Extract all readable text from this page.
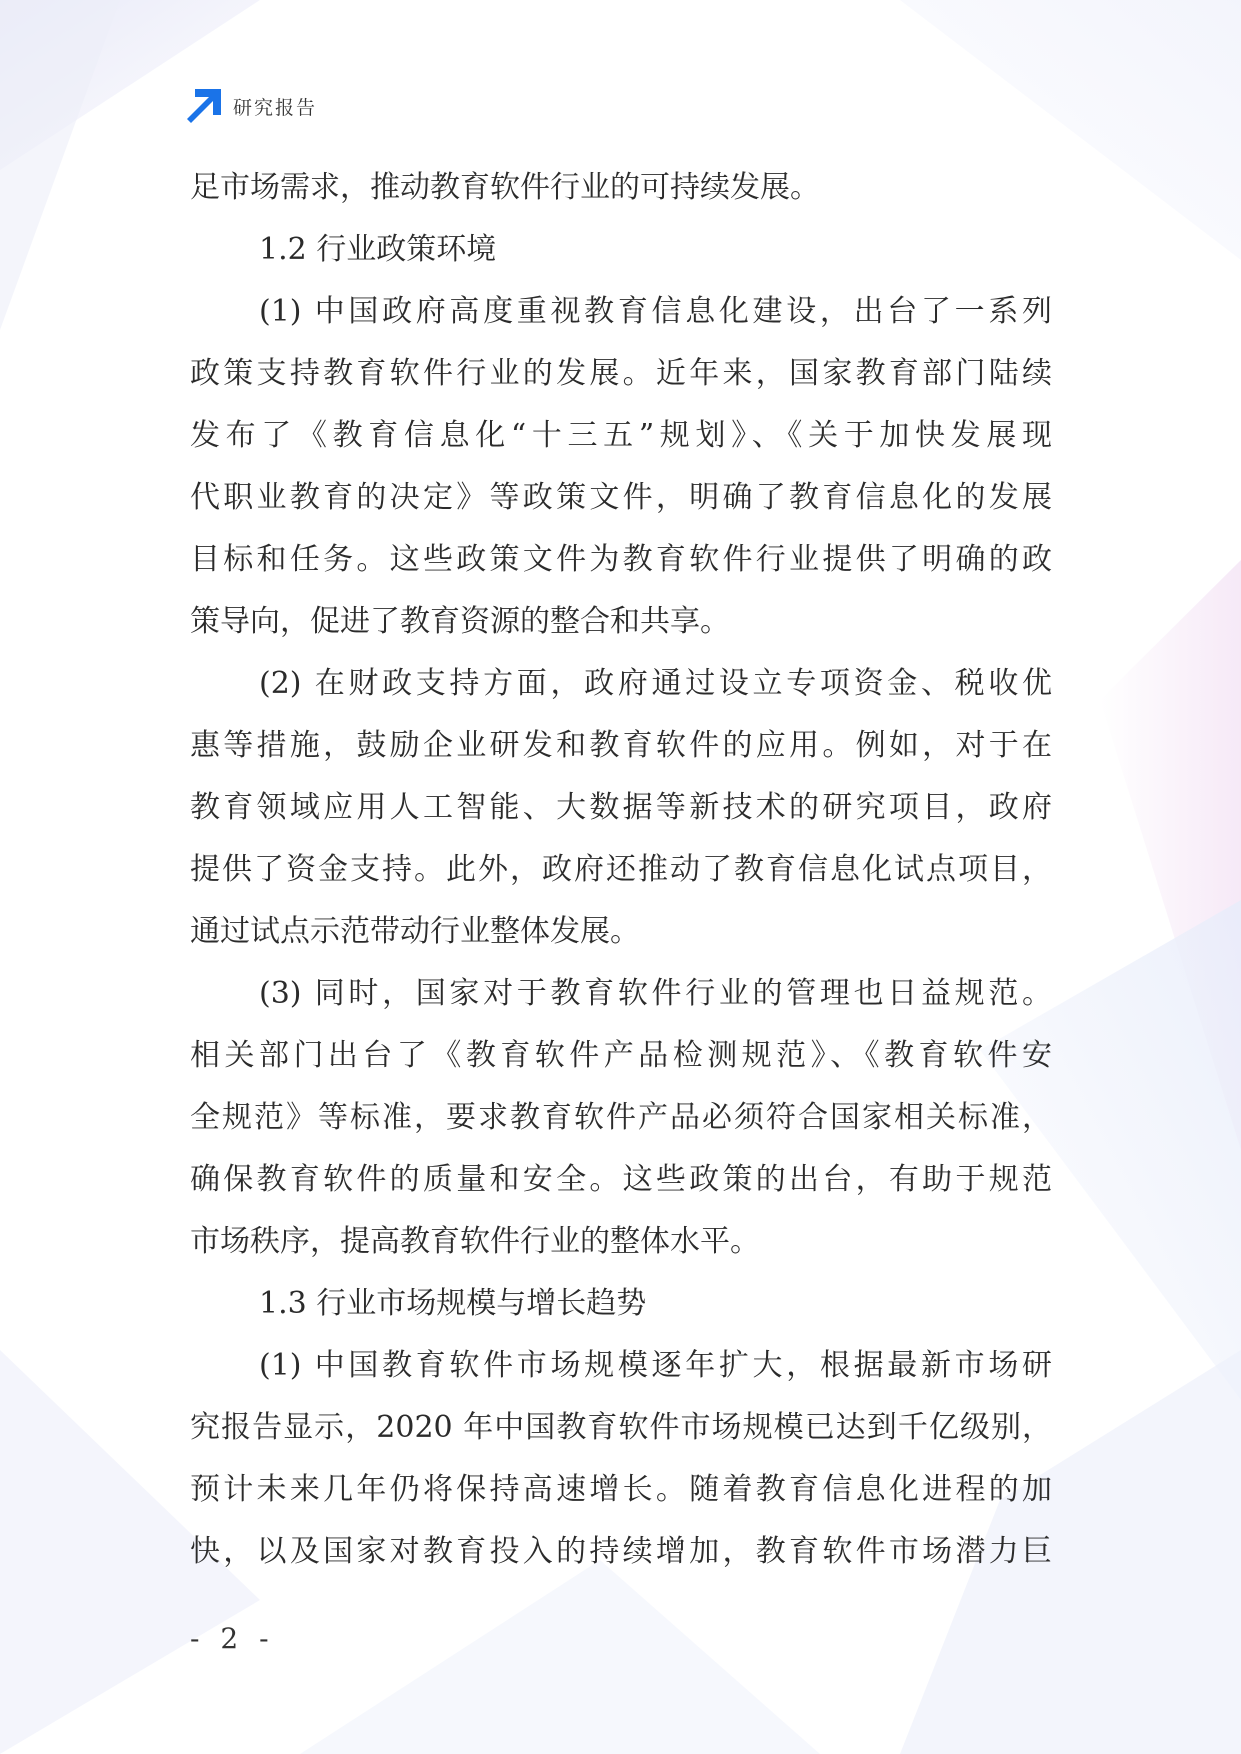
研究报告
足市场需求，推动教育软件行业的可持续发展。
1.2 行业政策环境
(1) 中国政府高度重视教育信息化建设，出台了一系列
政策支持教育软件行业的发展。近年来，国家教育部门陆续
发布了《教育信息化“十三五”规划》、《关于加快发展现
代职业教育的决定》等政策文件，明确了教育信息化的发展
目标和任务。这些政策文件为教育软件行业提供了明确的政
策导向，促进了教育资源的整合和共享。
(2) 在财政支持方面，政府通过设立专项资金、税收优
惠等措施，鼓励企业研发和教育软件的应用。例如，对于在
教育领域应用人工智能、大数据等新技术的研究项目，政府
提供了资金支持。此外，政府还推动了教育信息化试点项目，
通过试点示范带动行业整体发展。
(3) 同时，国家对于教育软件行业的管理也日益规范。
相关部门出台了《教育软件产品检测规范》、《教育软件安
全规范》等标准，要求教育软件产品必须符合国家相关标准，
确保教育软件的质量和安全。这些政策的出台，有助于规范
市场秩序，提高教育软件行业的整体水平。
1.3 行业市场规模与增长趋势
(1) 中国教育软件市场规模逐年扩大，根据最新市场研
究报告显示，2020 年中国教育软件市场规模已达到千亿级别，
预计未来几年仍将保持高速增长。随着教育信息化进程的加
快，以及国家对教育投入的持续增加，教育软件市场潜力巨
- 2 -
